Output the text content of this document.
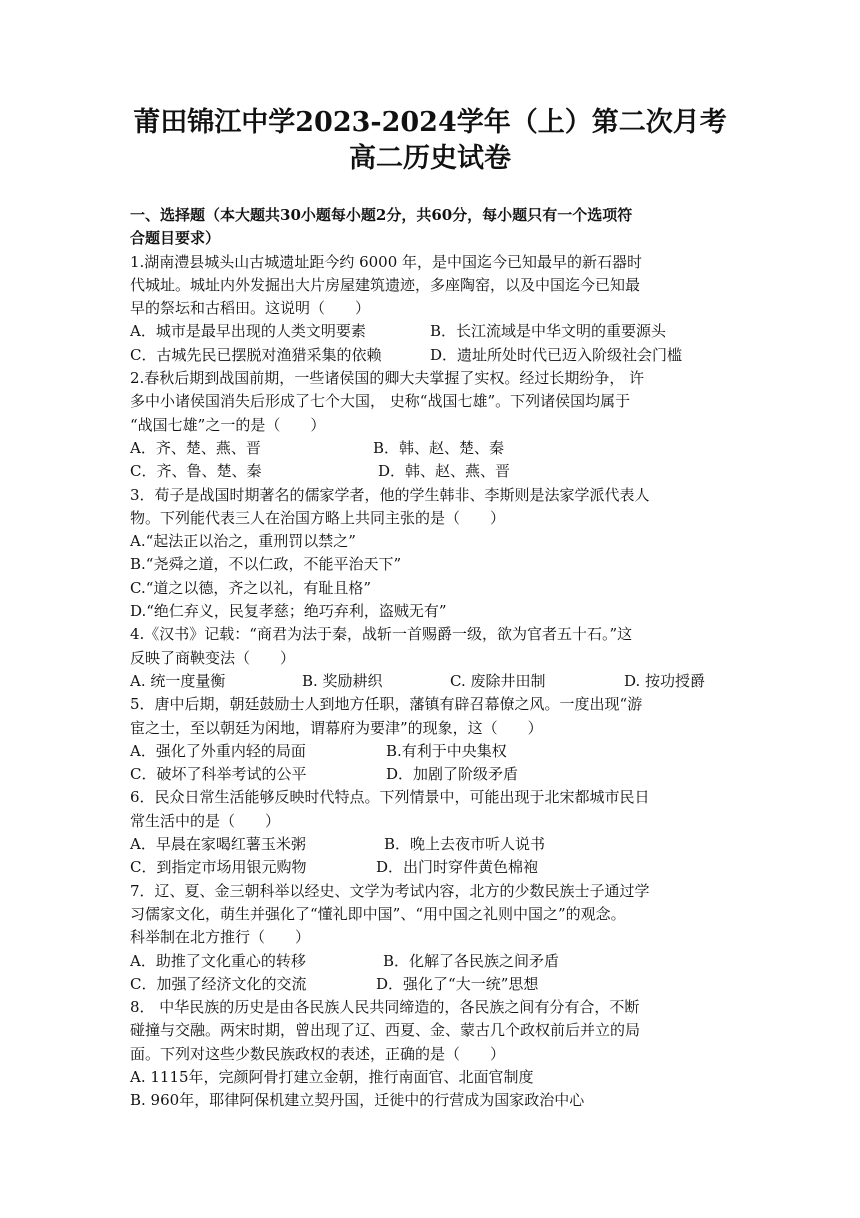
莆田锦江中学2023-2024学年（上）第二次月考
高二历史试卷
一、选择题（本大题共30小题每小题2分，共60分，每小题只有一个选项符
合题目要求）
1.湖南澧县城头山古城遗址距今约 6000 年，是中国迄今已知最早的新石器时
代城址。城址内外发掘出大片房屋建筑遗迹，多座陶窑，以及中国迄今已知最
早的祭坛和古稻田。这说明（　　）
A．城市是最早出现的人类文明要素	B．长江流域是中华文明的重要源头
C．古城先民已摆脱对渔猎采集的依赖	D．遗址所处时代已迈入阶级社会门槛
2.春秋后期到战国前期，一些诸侯国的卿大夫掌握了实权。经过长期纷争， 许
多中小诸侯国消失后形成了七个大国， 史称“战国七雄”。下列诸侯国均属于
“战国七雄”之一的是（　　）
A．齐、楚、燕、晋	B．韩、赵、楚、秦
C．齐、鲁、楚、秦	D．韩、赵、燕、晋
3．荀子是战国时期著名的儒家学者，他的学生韩非、李斯则是法家学派代表人
物。下列能代表三人在治国方略上共同主张的是（　　）
A.“起法正以治之，重刑罚以禁之”
B.“尧舜之道，不以仁政，不能平治天下”
C.“道之以德，齐之以礼，有耻且格”
D.“绝仁弃义，民复孝慈；绝巧弃利，盗贼无有”
4.《汉书》记载：“商君为法于秦，战斩一首赐爵一级，欲为官者五十石。”这
反映了商鞅变法（　　）
A. 统一度量衡	B. 奖励耕织	C. 废除井田制	D. 按功授爵
5．唐中后期，朝廷鼓励士人到地方任职，藩镇有辟召幕僚之风。一度出现“游
宦之士，至以朝廷为闲地，谓幕府为要津”的现象，这（　　）
A．强化了外重内轻的局面	B.有利于中央集权
C．破坏了科举考试的公平	D．加剧了阶级矛盾
6．民众日常生活能够反映时代特点。下列情景中，可能出现于北宋都城市民日
常生活中的是（　　）
A．早晨在家喝红薯玉米粥	B．晚上去夜市听人说书
C．到指定市场用银元购物	D．出门时穿件黄色棉袍
7．辽、夏、金三朝科举以经史、文学为考试内容，北方的少数民族士子通过学
习儒家文化，萌生并强化了“懂礼即中国”、“用中国之礼则中国之”的观念。
科举制在北方推行（　　）
A．助推了文化重心的转移	B．化解了各民族之间矛盾
C．加强了经济文化的交流	D．强化了“大一统”思想
8． 中华民族的历史是由各民族人民共同缔造的，各民族之间有分有合，不断
碰撞与交融。两宋时期，曾出现了辽、西夏、金、蒙古几个政权前后并立的局
面。下列对这些少数民族政权的表述，正确的是（　　）
A. 1115年，完颜阿骨打建立金朝，推行南面官、北面官制度
B. 960年，耶律阿保机建立契丹国，迁徙中的行营成为国家政治中心
